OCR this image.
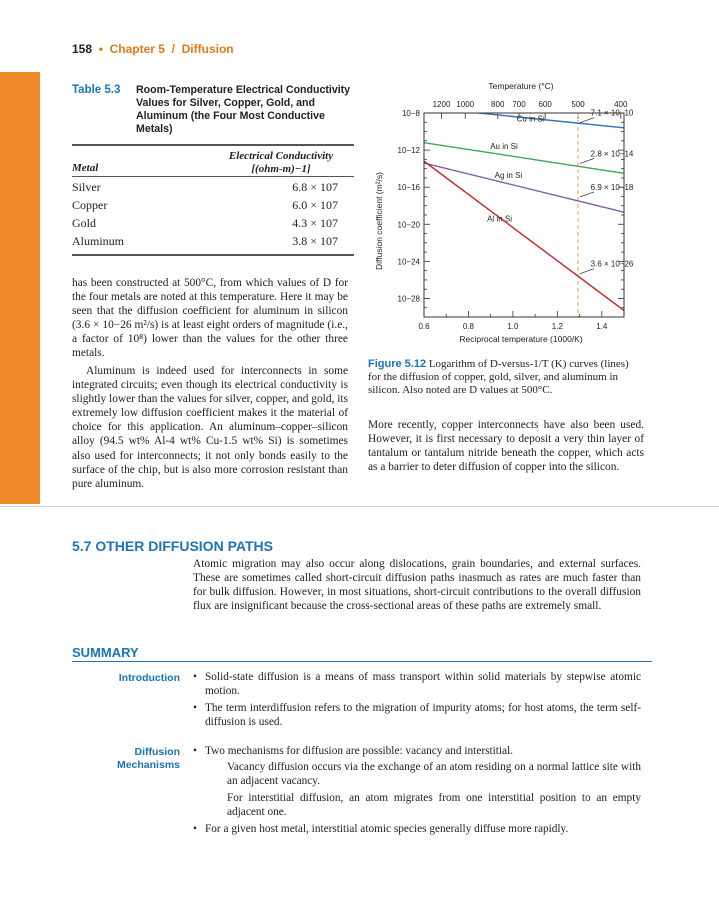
158 • Chapter 5 / Diffusion
Table 5.3 Room-Temperature Electrical Conductivity Values for Silver, Copper, Gold, and Aluminum (the Four Most Conductive Metals)
Metal
Electrical Conductivity
[(ohm-m)−1]
Silver	6.8 × 107
Copper	6.0 × 107
Gold	4.3 × 107
Aluminum	3.8 × 107
has been constructed at 500°C, from which values of D for the four metals are noted at this temperature. Here it may be seen that the diffusion coefficient for aluminum in silicon (3.6 × 10−26 m²/s) is at least eight orders of magnitude (i.e., a factor of 10⁸) lower than the values for the other three metals.
Aluminum is indeed used for interconnects in some integrated circuits; even though its electrical conductivity is slightly lower than the values for silver, copper, and gold, its extremely low diffusion coefficient makes it the material of choice for this application. An aluminum–copper–silicon alloy (94.5 wt% Al-4 wt% Cu-1.5 wt% Si) is sometimes also used for interconnects; it not only bonds easily to the surface of the chip, but is also more corrosion resistant than pure aluminum.
Temperature (°C)
1200 1000 800 700 600 500	400
Cu in Si
Au in Si
Ag in Si
Al in Si
7.1 × 10−10
2.8 × 10−14
6.9 × 10−18
3.6 × 10−26
10−8
10−12
10−16
10−20
10−24
10−28
0.6	0.8	1.0	1.2	1.4
Reciprocal temperature (1000/K)
Diffusion coefficient (m²/s)
Figure 5.12 Logarithm of D-versus-1/T (K) curves (lines) for the diffusion of copper, gold, silver, and aluminum in silicon. Also noted are D values at 500°C.
More recently, copper interconnects have also been used. However, it is first necessary to deposit a very thin layer of tantalum or tantalum nitride beneath the copper, which acts as a barrier to deter diffusion of copper into the silicon.
5.7 OTHER DIFFUSION PATHS
Atomic migration may also occur along dislocations, grain boundaries, and external surfaces. These are sometimes called short-circuit diffusion paths inasmuch as rates are much faster than for bulk diffusion. However, in most situations, short-circuit contributions to the overall diffusion flux are insignificant because the cross-sectional areas of these paths are extremely small.
SUMMARY
Introduction • Solid-state diffusion is a means of mass transport within solid materials by stepwise atomic motion.
• The term interdiffusion refers to the migration of impurity atoms; for host atoms, the term self-diffusion is used.
Diffusion
Mechanisms
• Two mechanisms for diffusion are possible: vacancy and interstitial.
Vacancy diffusion occurs via the exchange of an atom residing on a normal lattice site with an adjacent vacancy.
For interstitial diffusion, an atom migrates from one interstitial position to an empty adjacent one.
• For a given host metal, interstitial atomic species generally diffuse more rapidly.
